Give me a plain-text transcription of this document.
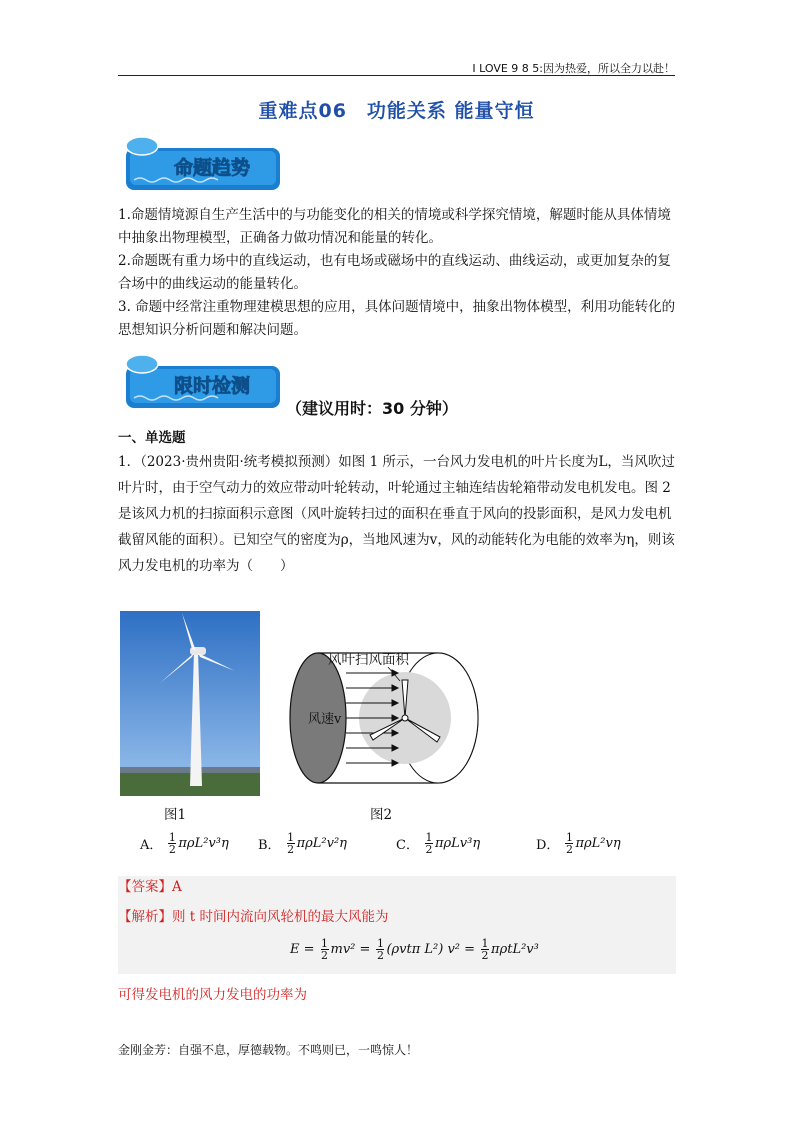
I LOVE 9 8 5:因为热爱，所以全力以赴！
重难点06　功能关系 能量守恒
命题趋势
1.命题情境源自生产生活中的与功能变化的相关的情境或科学探究情境，解题时能从具体情境中抽象出物理模型，正确备力做功情况和能量的转化。
2.命题既有重力场中的直线运动，也有电场或磁场中的直线运动、曲线运动，或更加复杂的复合场中的曲线运动的能量转化。
3. 命题中经常注重物理建模思想的应用，具体问题情境中，抽象出物体模型，利用功能转化的思想知识分析问题和解决问题。
限时检测
（建议用时：30 分钟）
一、单选题
1．（2023·贵州贵阳·统考模拟预测）如图 1 所示，一台风力发电机的叶片长度为L，当风吹过叶片时，由于空气动力的效应带动叶轮转动，叶轮通过主轴连结齿轮箱带动发电机发电。图 2 是该风力机的扫掠面积示意图（风叶旋转扫过的面积在垂直于风向的投影面积，是风力发电机截留风能的面积）。已知空气的密度为ρ，当地风速为v，风的动能转化为电能的效率为η，则该风力发电机的功率为（　　）
风速v
风叶扫风面积
图1	图2
A． $\frac{1}{2} \pi\rho L^2v^3\eta$ B． $\frac{1}{2} \pi\rho L^2v^2\eta$	C． $\frac{1}{2} \pi\rho Lv^3\eta$	D． $\frac{1}{2} \pi\rho L^2v\eta$
【答案】A
【解析】则 t 时间内流向风轮机的最大风能为
$E = \frac{1}{2} mv^2 = \frac{1}{2} (\rho vt\pi$ L²) $v^2 = \frac{1}{2} \pi\rho tL^2v^3$
可得发电机的风力发电的功率为
金刚金芳：自强不息，厚德载物。不鸣则已，一鸣惊人！
